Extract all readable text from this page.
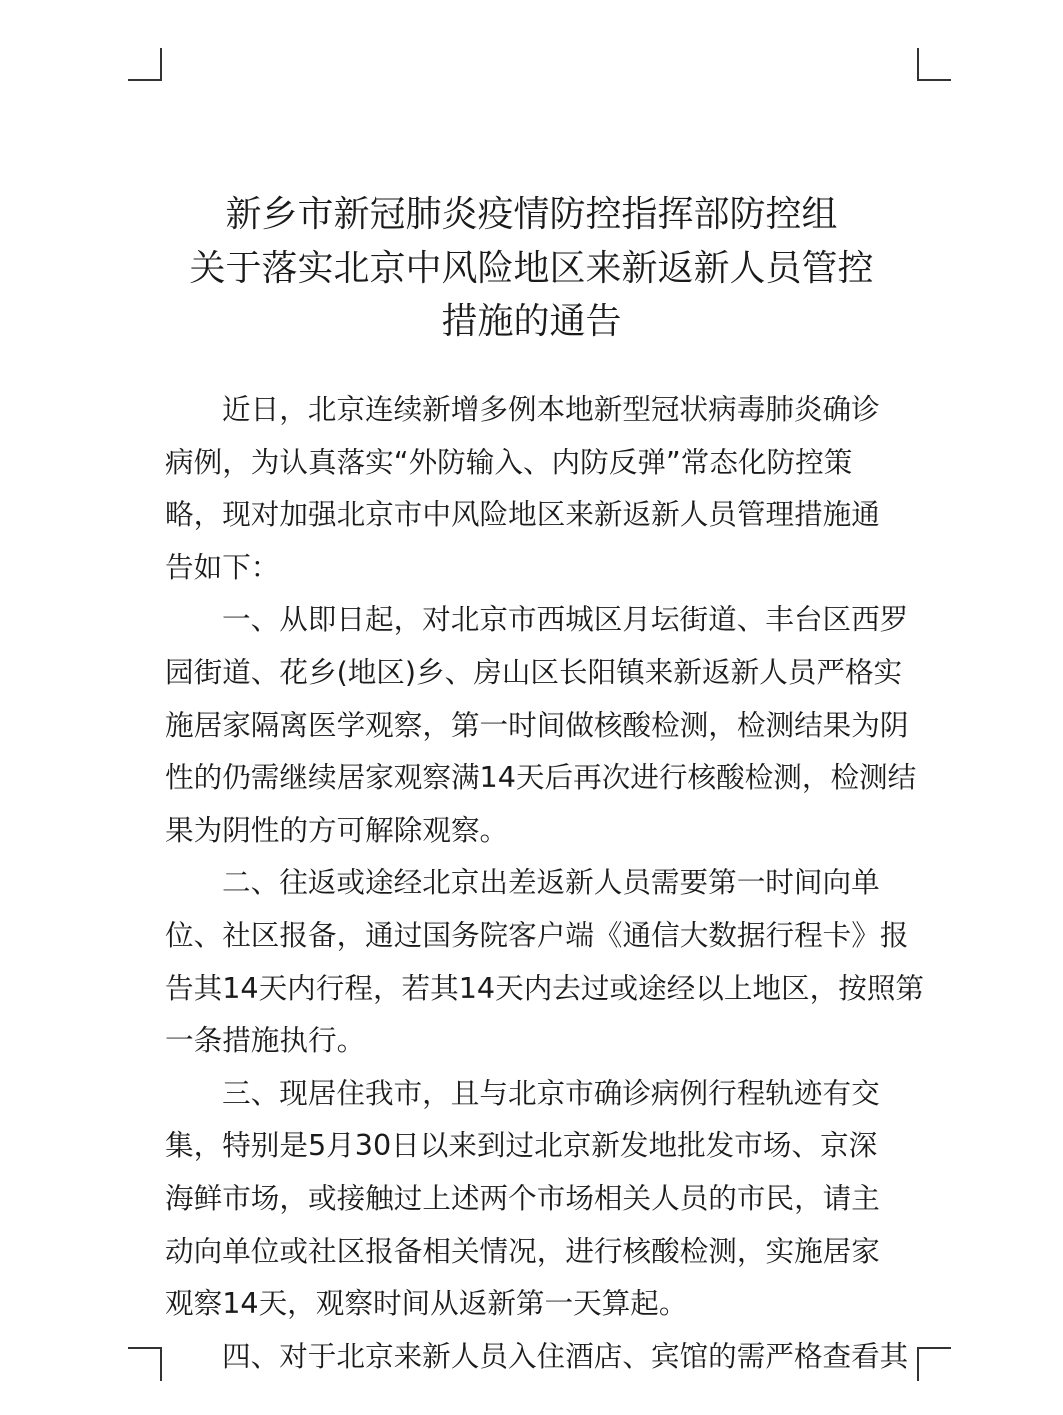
新乡市新冠肺炎疫情防控指挥部防控组
关于落实北京中风险地区来新返新人员管控
措施的通告
近日，北京连续新增多例本地新型冠状病毒肺炎确诊
病例，为认真落实“外防输入、内防反弹”常态化防控策
略，现对加强北京市中风险地区来新返新人员管理措施通
告如下：
一、从即日起，对北京市西城区月坛街道、丰台区西罗
园街道、花乡(地区)乡、房山区长阳镇来新返新人员严格实
施居家隔离医学观察，第一时间做核酸检测，检测结果为阴
性的仍需继续居家观察满14天后再次进行核酸检测，检测结
果为阴性的方可解除观察。
二、往返或途经北京出差返新人员需要第一时间向单
位、社区报备，通过国务院客户端《通信大数据行程卡》报
告其14天内行程，若其14天内去过或途经以上地区，按照第
一条措施执行。
三、现居住我市，且与北京市确诊病例行程轨迹有交
集，特别是5月30日以来到过北京新发地批发市场、京深
海鲜市场，或接触过上述两个市场相关人员的市民，请主
动向单位或社区报备相关情况，进行核酸检测，实施居家
观察14天，观察时间从返新第一天算起。
四、对于北京来新人员入住酒店、宾馆的需严格查看其
